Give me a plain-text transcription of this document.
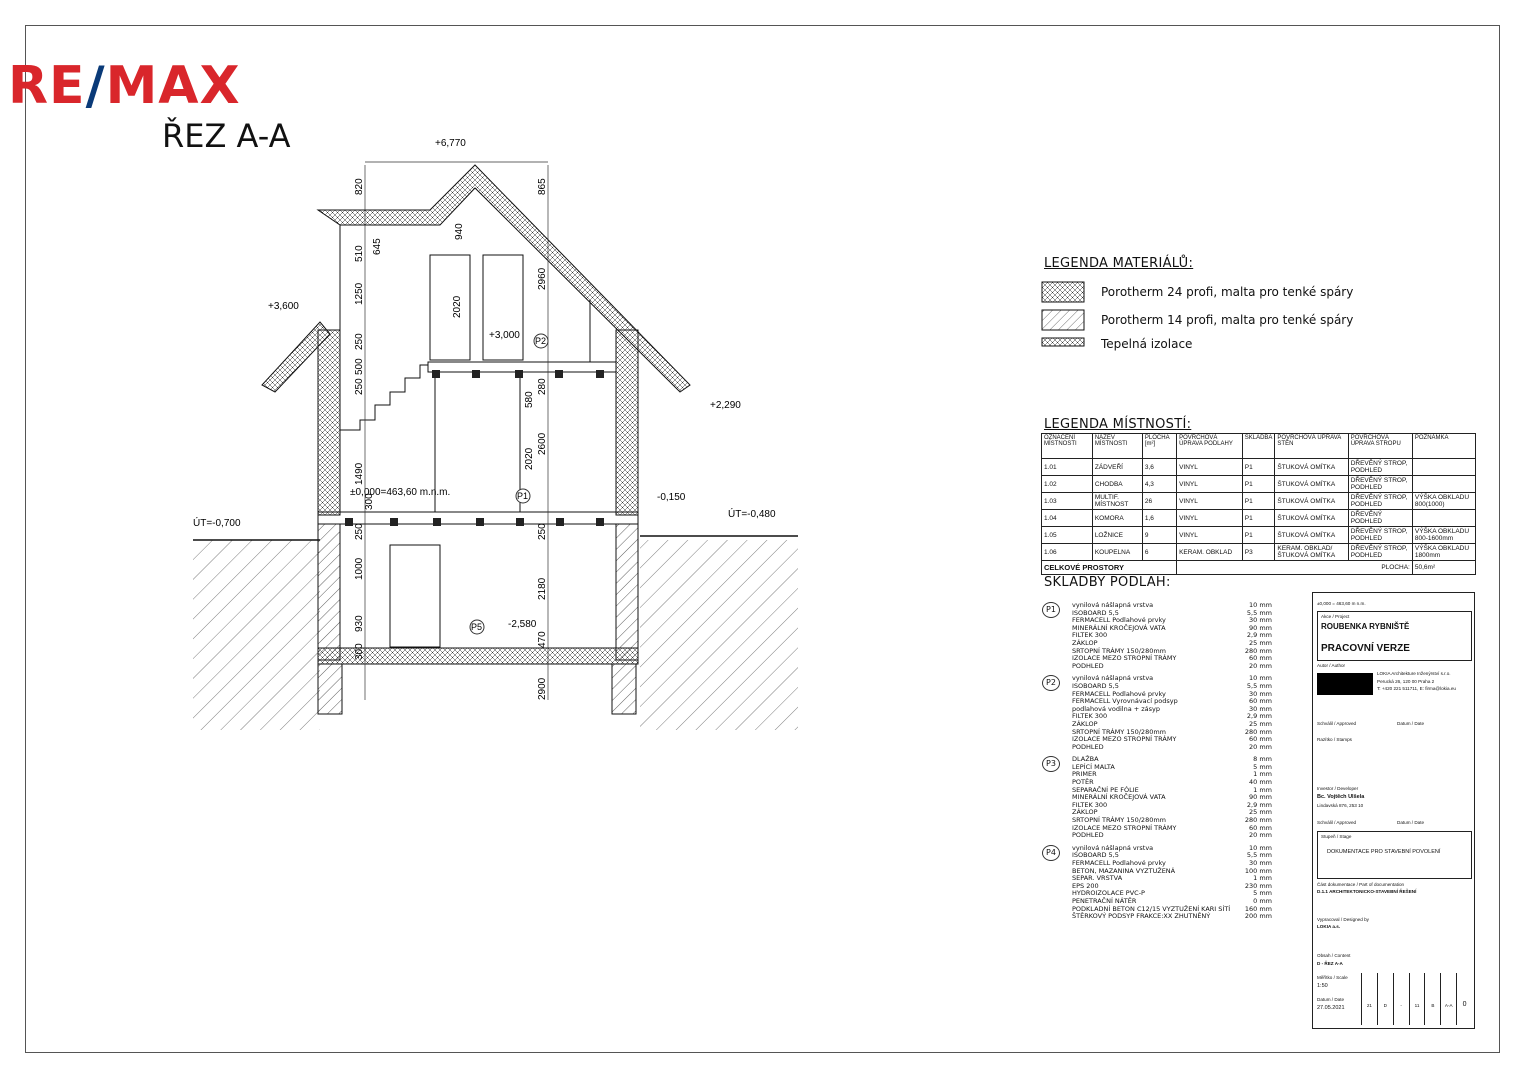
RE/MAX
ŘEZ A-A	+6,770
+3,600
+3,000
+2,290
±0,000=463,60 m.n.m.	-0,150
ÚT=-0,700
ÚT=-0,480
-2,580
820	865
645
940
510
1250
2020
2960
250
500
250
580
280
2600
1490
2020
300
250	250
1000
2180
930
470
300
2900
P2
P1
P5
LEGENDA MATERIÁLŮ:
Porotherm 24 profi, malta pro tenké spáry
Porotherm 14 profi, malta pro tenké spáry
Tepelná izolace
LEGENDA MÍSTNOSTÍ:
OZNAČENÍ MÍSTNOSTI	NÁZEV MÍSTNOSTI	PLOCHA [m²]	POVRCHOVÁ ÚPRAVA PODLAHY	SKLADBA	POVRCHOVÁ ÚPRAVA STĚN	POVRCHOVÁ ÚPRAVA STROPU	POZNÁMKA
1.01	ZÁDVEŘÍ	3,6	VINYL	P1	ŠTUKOVÁ OMÍTKA	DŘEVĚNÝ STROP, PODHLED	
1.02	CHODBA	4,3	VINYL	P1	ŠTUKOVÁ OMÍTKA	DŘEVĚNÝ STROP, PODHLED	
1.03	MULTIF. MÍSTNOST	26	VINYL	P1	ŠTUKOVÁ OMÍTKA	DŘEVĚNÝ STROP, PODHLED	VÝŠKA OBKLADU 800(1000)
1.04	KOMORA	1,6	VINYL	P1	ŠTUKOVÁ OMÍTKA	DŘEVĚNÝ PODHLED	
1.05	LOŽNICE	9	VINYL	P1	ŠTUKOVÁ OMÍTKA	DŘEVĚNÝ STROP, PODHLED	VÝŠKA OBKLADU 800-1600mm
1.06	KOUPELNA	6	KERAM. OBKLAD	P3	KERAM. OBKLAD/ŠTUKOVÁ OMÍTKA	DŘEVĚNÝ STROP, PODHLED	VÝŠKA OBKLADU 1800mm
CELKOVÉ PROSTORY			PLOCHA:				50,6m²
SKLADBY PODLAH:
P1	vynilová nášlapná vrstva	10 mm
ISOBOARD 5,5	5,5 mm
FERMACELL Podlahové prvky	30 mm
MINERÁLNÍ KROČEJOVÁ VATA	90 mm
FILTEK 300	2,9 mm
ZÁKLOP	25 mm
SRTOPNÍ TRÁMY 150/280mm	280 mm
IZOLACE MEZO STROPNÍ TRÁMY	60 mm
PODHLED	20 mm
P2	vynilová nášlapná vrstva	10 mm
ISOBOARD 5,5	5,5 mm
FERMACELL Podlahové prvky	30 mm
FERMACELL Vyrovnávací podsyp	60 mm
podlahová vodilna + zásyp	30 mm
FILTEK 300	2,9 mm
ZÁKLOP	25 mm
SRTOPNÍ TRÁMY 150/280mm	280 mm
IZOLACE MEZO STROPNÍ TRÁMY	60 mm
PODHLED	20 mm
P3	DLAŽBA	8 mm
LEPÍCÍ MALTA	5 mm
PRIMER	1 mm
POTĚR	40 mm
SEPARAČNÍ PE FÓLIE	1 mm
MINERÁLNÍ KROČEJOVÁ VATA	90 mm
FILTEK 300	2,9 mm
ZÁKLOP	25 mm
SRTOPNÍ TRÁMY 150/280mm	280 mm
IZOLACE MEZO STROPNÍ TRÁMY	60 mm
PODHLED	20 mm
P4	vynilová nášlapná vrstva	10 mm
ISOBOARD 5,5	5,5 mm
FERMACELL Podlahové prvky	30 mm
BETON, MAZANINA VYZTUŽENÁ	100 mm
SEPAR. VRSTVA	1 mm
EPS 200	230 mm
HYDROIZOLACE PVC-P	5 mm
PENETRAČNÍ NÁTĚR	0 mm
PODKLADNÍ BETON C12/15 VYZTUŽENÍ KARI SÍTÍ	160 mm
ŠTĚRKOVÝ PODSYP FRAKCE:XX ZHUTNĚNÝ	200 mm
±0,000 = 463,60 m n.m.
Akce / Project
ROUBENKA RYBNIŠTĚ
PRACOVNÍ VERZE
Autor / Author
LOKIA Architekture Inženýrství s.r.o.
Perucká 26, 120 00 Praha 2
T: +420 221 511711, E: firma@lokia.eu
Schválil / Approved	Datum / Date
Razítko / Stamps
Investor / Developer
Bc. Vojtěch Ulšela
Lindavská 876, 253 10
Schválil / Approved	Datum / Date
Stupeň / Stage
DOKUMENTACE PRO STAVEBNÍ POVOLENÍ
Část dokumentace / Part of documentation
D.1.1 ARCHITEKTONICKO-STAVEBNÍ ŘEŠENÍ
Vypracoval / Designed by
LOKIA a.s.
Obsah / Content
D - ŘEZ A-A
Měřítko / Scale
1:50
Datum / Date
27.05.2021	21	D	-	11	B	A-A	0
